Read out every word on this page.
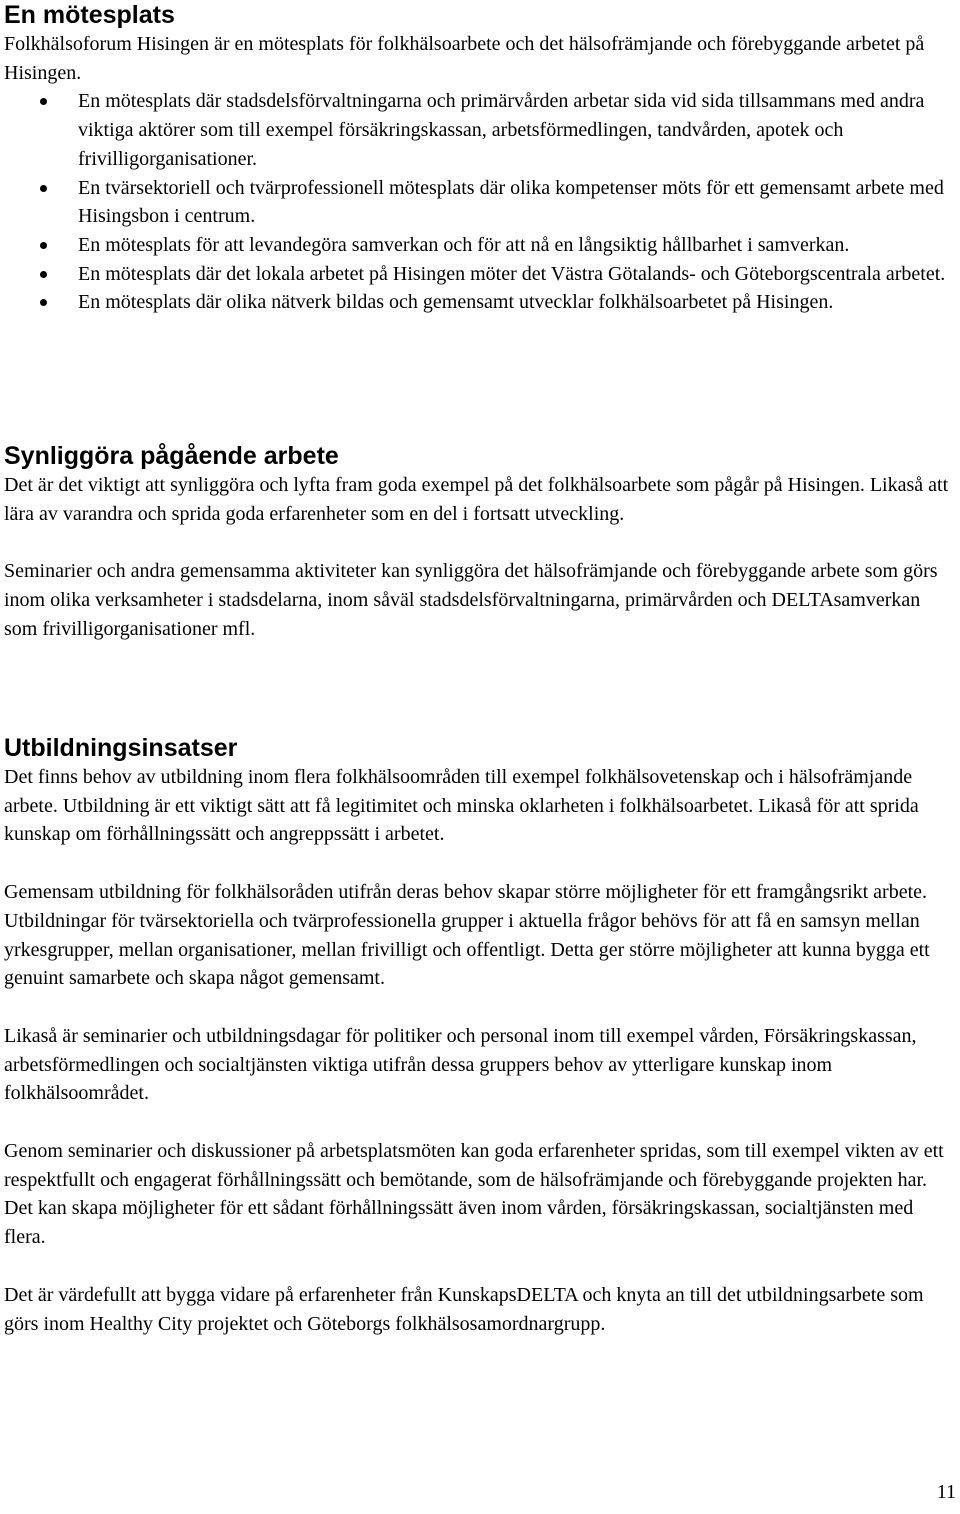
En mötesplats

Folkhälsoforum Hisingen är en mötesplats för folkhälsoarbete och det hälsofrämjande och förebyggande arbetet på Hisingen.

En mötesplats där stadsdelsförvaltningarna och primärvården arbetar sida vid sida tillsammans med andra viktiga aktörer som till exempel försäkringskassan, arbetsförmedlingen, tandvården, apotek och frivilligorganisationer.
En tvärsektoriell och tvärprofessionell mötesplats där olika kompetenser möts för ett gemensamt arbete med Hisingsbon i centrum.
En mötesplats för att levandegöra samverkan och för att nå en långsiktig hållbarhet i samverkan.
En mötesplats där det lokala arbetet på Hisingen möter det Västra Götalands- och Göteborgscentrala arbetet.
En mötesplats där olika nätverk bildas och gemensamt utvecklar folkhälsoarbetet på Hisingen.
Synliggöra pågående arbete

Det är det viktigt att synliggöra och lyfta fram goda exempel på det folkhälsoarbete som pågår på Hisingen. Likaså att lära av varandra och sprida goda erfarenheter som en del i fortsatt utveckling.

Seminarier och andra gemensamma aktiviteter kan synliggöra det hälsofrämjande och förebyggande arbete som görs inom olika verksamheter i stadsdelarna, inom såväl stadsdelsförvaltningarna, primärvården och DELTAsamverkan som frivilligorganisationer mfl.

Utbildningsinsatser

Det finns behov av utbildning inom flera folkhälsoområden till exempel folkhälsovetenskap och i hälsofrämjande arbete. Utbildning är ett viktigt sätt att få legitimitet och minska oklarheten i folkhälsoarbetet. Likaså för att sprida kunskap om förhållningssätt och angreppssätt i arbetet.

Gemensam utbildning för folkhälsoråden utifrån deras behov skapar större möjligheter för ett framgångsrikt arbete. Utbildningar för tvärsektoriella och tvärprofessionella grupper i aktuella frågor behövs för att få en samsyn mellan yrkesgrupper, mellan organisationer, mellan frivilligt och offentligt. Detta ger större möjligheter att kunna bygga ett genuint samarbete och skapa något gemensamt.

Likaså är seminarier och utbildningsdagar för politiker och personal inom till exempel vården, Försäkringskassan, arbetsförmedlingen och socialtjänsten viktiga utifrån dessa gruppers behov av ytterligare kunskap inom folkhälsoområdet.

Genom seminarier och diskussioner på arbetsplatsmöten kan goda erfarenheter spridas, som till exempel vikten av ett respektfullt och engagerat förhållningssätt och bemötande, som de hälsofrämjande och förebyggande projekten har. Det kan skapa möjligheter för ett sådant förhållningssätt även inom vården, försäkringskassan, socialtjänsten med flera.

Det är värdefullt att bygga vidare på erfarenheter från KunskapsDELTA och knyta an till det utbildningsarbete som görs inom Healthy City projektet och Göteborgs folkhälsosamordnargrupp.

11
